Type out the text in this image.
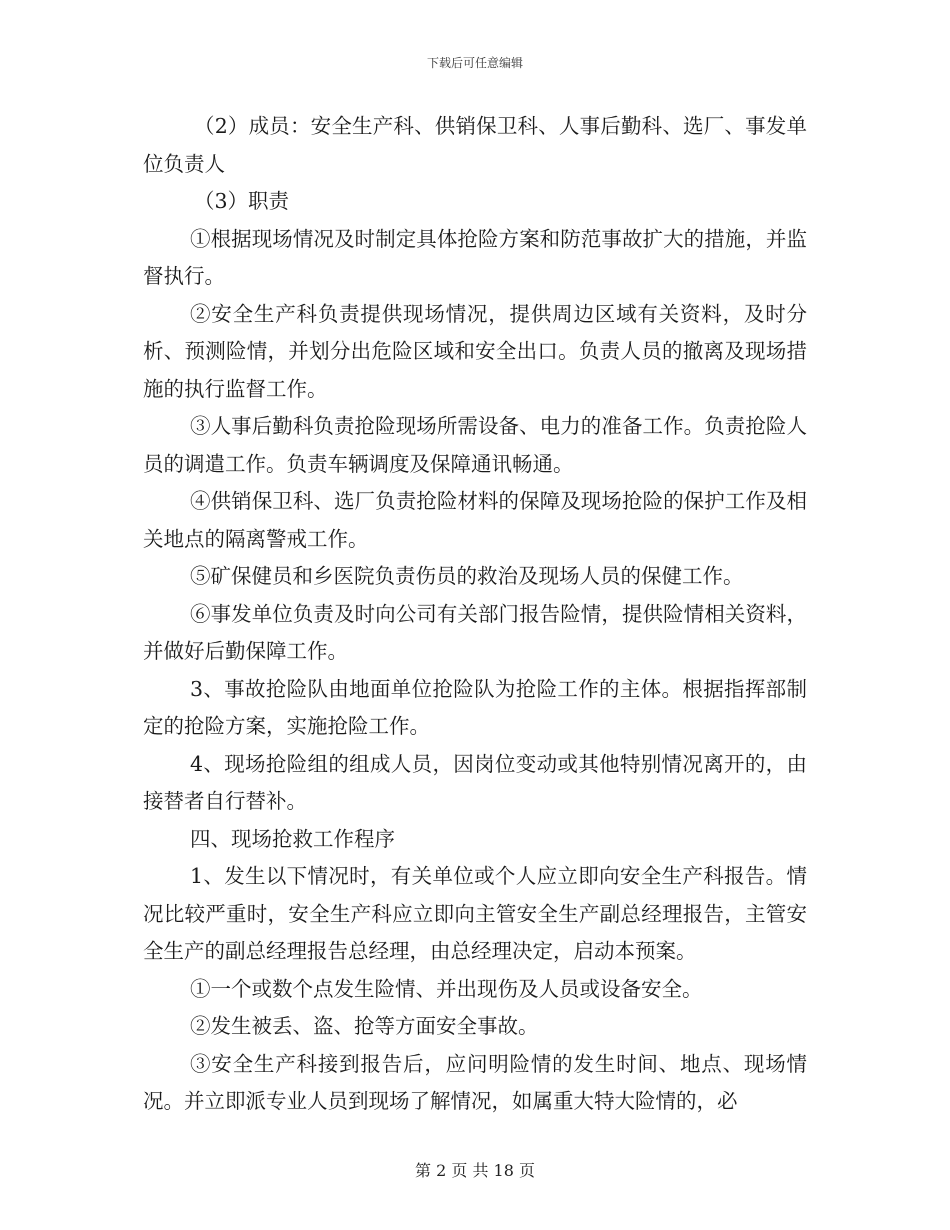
下载后可任意编辑

（2）成员：安全生产科、供销保卫科、人事后勤科、选厂、事发单位负责人

（3）职责

①根据现场情况及时制定具体抢险方案和防范事故扩大的措施，并监督执行。

②安全生产科负责提供现场情况，提供周边区域有关资料，及时分析、预测险情，并划分出危险区域和安全出口。负责人员的撤离及现场措施的执行监督工作。

③人事后勤科负责抢险现场所需设备、电力的准备工作。负责抢险人员的调遣工作。负责车辆调度及保障通讯畅通。

④供销保卫科、选厂负责抢险材料的保障及现场抢险的保护工作及相关地点的隔离警戒工作。

⑤矿保健员和乡医院负责伤员的救治及现场人员的保健工作。

⑥事发单位负责及时向公司有关部门报告险情，提供险情相关资料，并做好后勤保障工作。

3、事故抢险队由地面单位抢险队为抢险工作的主体。根据指挥部制定的抢险方案，实施抢险工作。

4、现场抢险组的组成人员，因岗位变动或其他特别情况离开的，由接替者自行替补。

四、现场抢救工作程序

1、发生以下情况时，有关单位或个人应立即向安全生产科报告。情况比较严重时，安全生产科应立即向主管安全生产副总经理报告，主管安全生产的副总经理报告总经理，由总经理决定，启动本预案。

①一个或数个点发生险情、并出现伤及人员或设备安全。

②发生被丢、盗、抢等方面安全事故。

③安全生产科接到报告后，应问明险情的发生时间、地点、现场情况。并立即派专业人员到现场了解情况，如属重大特大险情的，必

第 2 页 共 18 页
